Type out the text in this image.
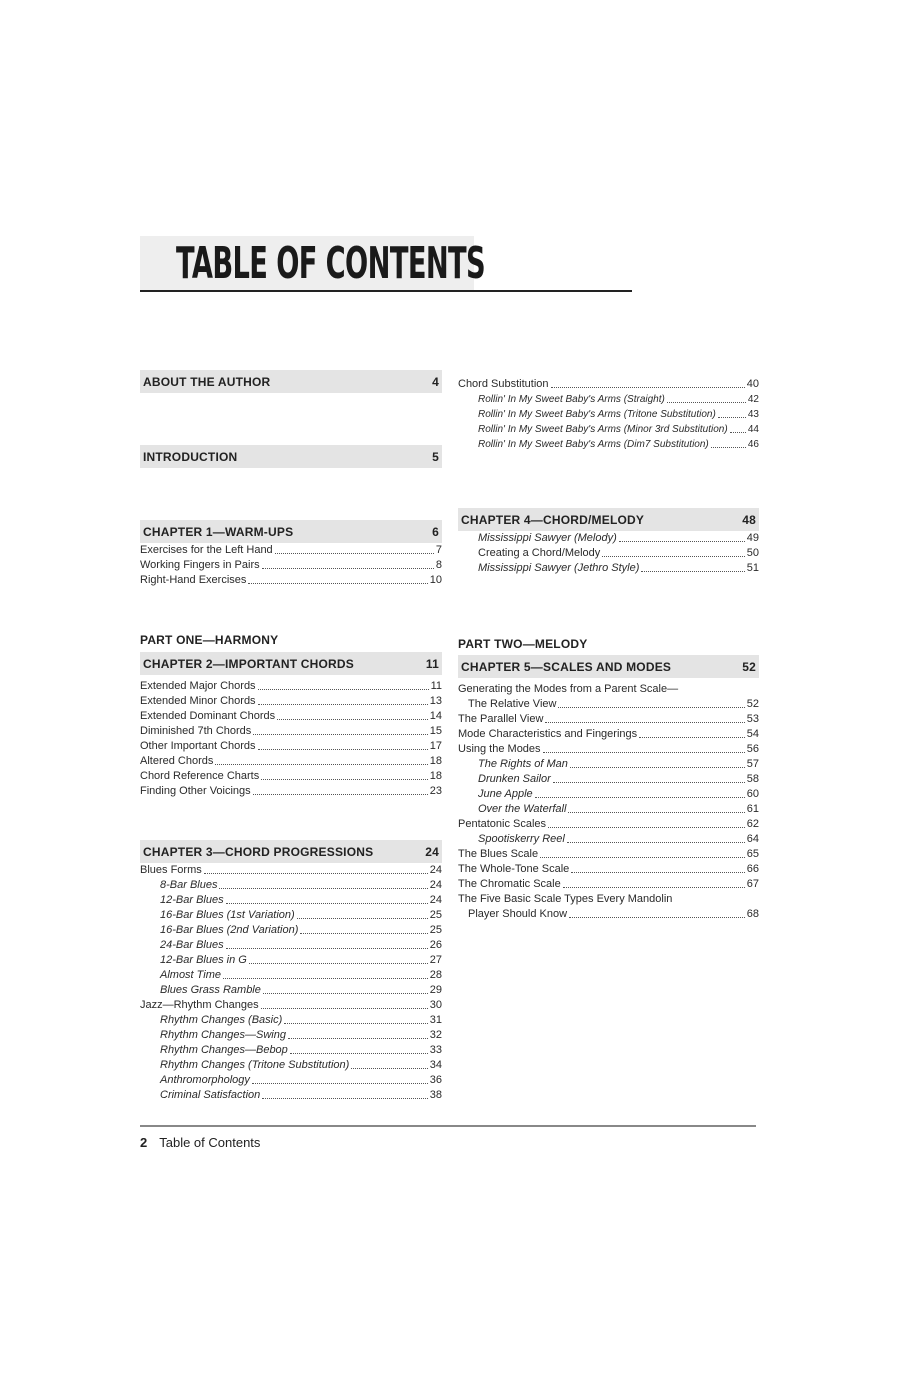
TABLE OF CONTENTS
ABOUT THE AUTHOR	4
INTRODUCTION	5
CHAPTER 1—WARM-UPS	6
Exercises for the Left Hand	7
Working Fingers in Pairs	8
Right-Hand Exercises	10
PART ONE—HARMONY
CHAPTER 2—IMPORTANT CHORDS	11
Extended Major Chords	11
Extended Minor Chords	13
Extended Dominant Chords	14
Diminished 7th Chords	15
Other Important Chords	17
Altered Chords	18
Chord Reference Charts	18
Finding Other Voicings	23
CHAPTER 3—CHORD PROGRESSIONS	24
Blues Forms	24
8-Bar Blues	24
12-Bar Blues	24
16-Bar Blues (1st Variation)	25
16-Bar Blues (2nd Variation)	25
24-Bar Blues	26
12-Bar Blues in G	27
Almost Time	28
Blues Grass Ramble	29
Jazz—Rhythm Changes	30
Rhythm Changes (Basic)	31
Rhythm Changes—Swing	32
Rhythm Changes—Bebop	33
Rhythm Changes (Tritone Substitution)	34
Anthromorphology	36
Criminal Satisfaction	38
Chord Substitution	40
Rollin' In My Sweet Baby's Arms (Straight)	42
Rollin' In My Sweet Baby's Arms (Tritone Substitution)	43
Rollin' In My Sweet Baby's Arms (Minor 3rd Substitution) 44
Rollin' In My Sweet Baby's Arms (Dim7 Substitution)	46
CHAPTER 4—CHORD/MELODY	48
Mississippi Sawyer (Melody)	49
Creating a Chord/Melody	50
Mississippi Sawyer (Jethro Style)	51
PART TWO—MELODY
CHAPTER 5—SCALES AND MODES	52
Generating the Modes from a Parent Scale—
The Relative View	52
The Parallel View	53
Mode Characteristics and Fingerings	54
Using the Modes	56
The Rights of Man	57
Drunken Sailor	58
June Apple	60
Over the Waterfall	61
Pentatonic Scales	62
Spootiskerry Reel	64
The Blues Scale	65
The Whole-Tone Scale	66
The Chromatic Scale	67
The Five Basic Scale Types Every Mandolin
Player Should Know	68
2 Table of Contents
